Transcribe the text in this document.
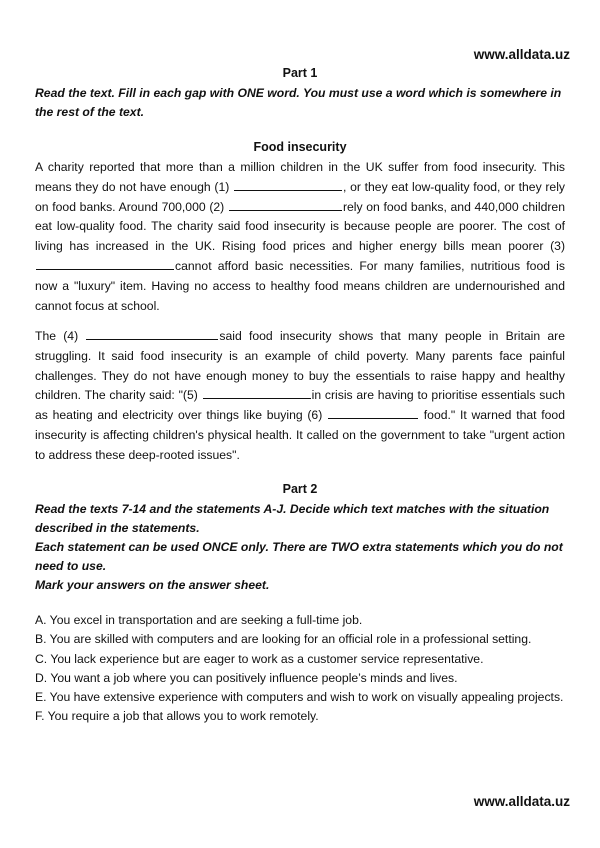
www.alldata.uz
Part 1
Read the text. Fill in each gap with ONE word. You must use a word which is somewhere in the rest of the text.
Food insecurity
A charity reported that more than a million children in the UK suffer from food insecurity. This means they do not have enough (1)	, or they eat low-quality food, or they rely on food banks. Around 700,000 (2)	rely on food banks, and 440,000 children eat low-quality food. The charity said food insecurity is because people are poorer. The cost of living has increased in the UK. Rising food prices and higher energy bills mean poorer (3) cannot afford basic necessities. For many families, nutritious food is now a "luxury" item. Having no access to healthy food means children are undernourished and cannot focus at school.
The (4)	said food insecurity shows that many people in Britain are struggling. It said food insecurity is an example of child poverty. Many parents face painful challenges. They do not have enough money to buy the essentials to raise happy and healthy children. The charity said: "(5)	in crisis are having to prioritise essentials such as heating and electricity over things like buying (6)	food." It warned that food insecurity is affecting children's physical health. It called on the government to take "urgent action to address these deep-rooted issues".
Part 2
Read the texts 7-14 and the statements A-J. Decide which text matches with the situation described in the statements.
Each statement can be used ONCE only. There are TWO extra statements which you do not need to use.
Mark your answers on the answer sheet.
A. You excel in transportation and are seeking a full-time job.
B. You are skilled with computers and are looking for an official role in a professional setting.
C. You lack experience but are eager to work as a customer service representative.
D. You want a job where you can positively influence people’s minds and lives.
E. You have extensive experience with computers and wish to work on visually appealing projects.
F. You require a job that allows you to work remotely.
www.alldata.uz
